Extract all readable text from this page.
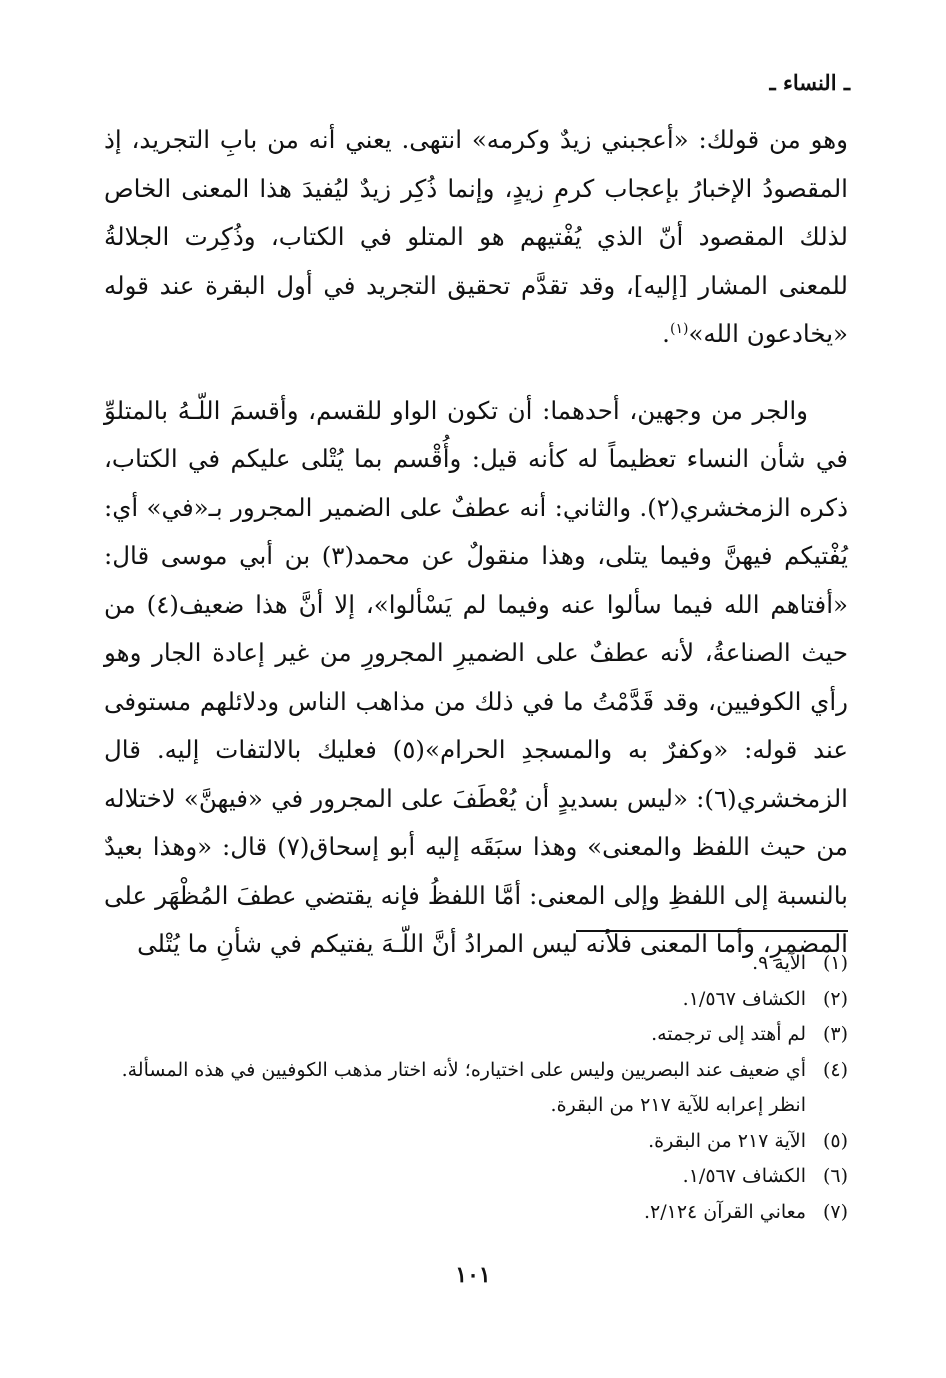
ـ النساء ـ

وهو من قولك: «أعجبني زيدٌ وكرمه» انتهى. يعني أنه من بابِ التجريد، إذ المقصودُ الإخبارُ بإعجاب كرمِ زيدٍ، وإنما ذُكِر زيدٌ ليُفيدَ هذا المعنى الخاص لذلك المقصود أنّ الذي يُفْتيهم هو المتلو في الكتاب، وذُكِرت الجلالةُ للمعنى المشار [إليه]، وقد تقدَّم تحقيق التجريد في أول البقرة عند قوله «يخادعون الله»$^{(١)}$.

والجر من وجهين، أحدهما: أن تكون الواو للقسم، وأقسمَ اللّـهُ بالمتلوِّ في شأن النساء تعظيماً له كأنه قيل: وأُقْسم بما يُتْلى عليكم في الكتاب، ذكره الزمخشري(٢). والثاني: أنه عطفٌ على الضمير المجرور بـ«في» أي: يُفْتيكم فيهنَّ وفيما يتلى، وهذا منقولٌ عن محمد(٣) بن أبي موسى قال: «أفتاهم الله فيما سألوا عنه وفيما لم يَسْألوا»، إلا أنَّ هذا ضعيف(٤) من حيث الصناعةُ، لأنه عطفٌ على الضميرِ المجرورِ من غير إعادة الجار وهو رأي الكوفيين، وقد قَدَّمْتُ ما في ذلك من مذاهب الناس ودلائلهم مستوفى عند قوله: «وكفرٌ به والمسجدِ الحرام»(٥) فعليك بالالتفات إليه. قال الزمخشري(٦): «ليس بسديدٍ أن يُعْطَفَ على المجرور في «فيهنَّ» لاختلاله من حيث اللفظ والمعنى» وهذا سبَقَه إليه أبو إسحاق(٧) قال: «وهذا بعيدٌ بالنسبة إلى اللفظِ وإلى المعنى: أمَّا اللفظُ فإنه يقتضي عطفَ المُظْهَر على المضمرِ، وأما المعنى فلأنه ليس المرادُ أنَّ اللّـهَ يفتيكم في شأنِ ما يُتْلى

(١)
الآية ٩.
(٢)
الكشاف ١/٥٦٧.
(٣)
لم أهتد إلى ترجمته.
(٤)
أي ضعيف عند البصريين وليس على اختياره؛ لأنه اختار مذهب الكوفيين في هذه المسألة. انظر إعرابه للآية ٢١٧ من البقرة.
(٥)
الآية ٢١٧ من البقرة.
(٦)
الكشاف ١/٥٦٧.
(٧)
معاني القرآن ٢/١٢٤.
١٠١
